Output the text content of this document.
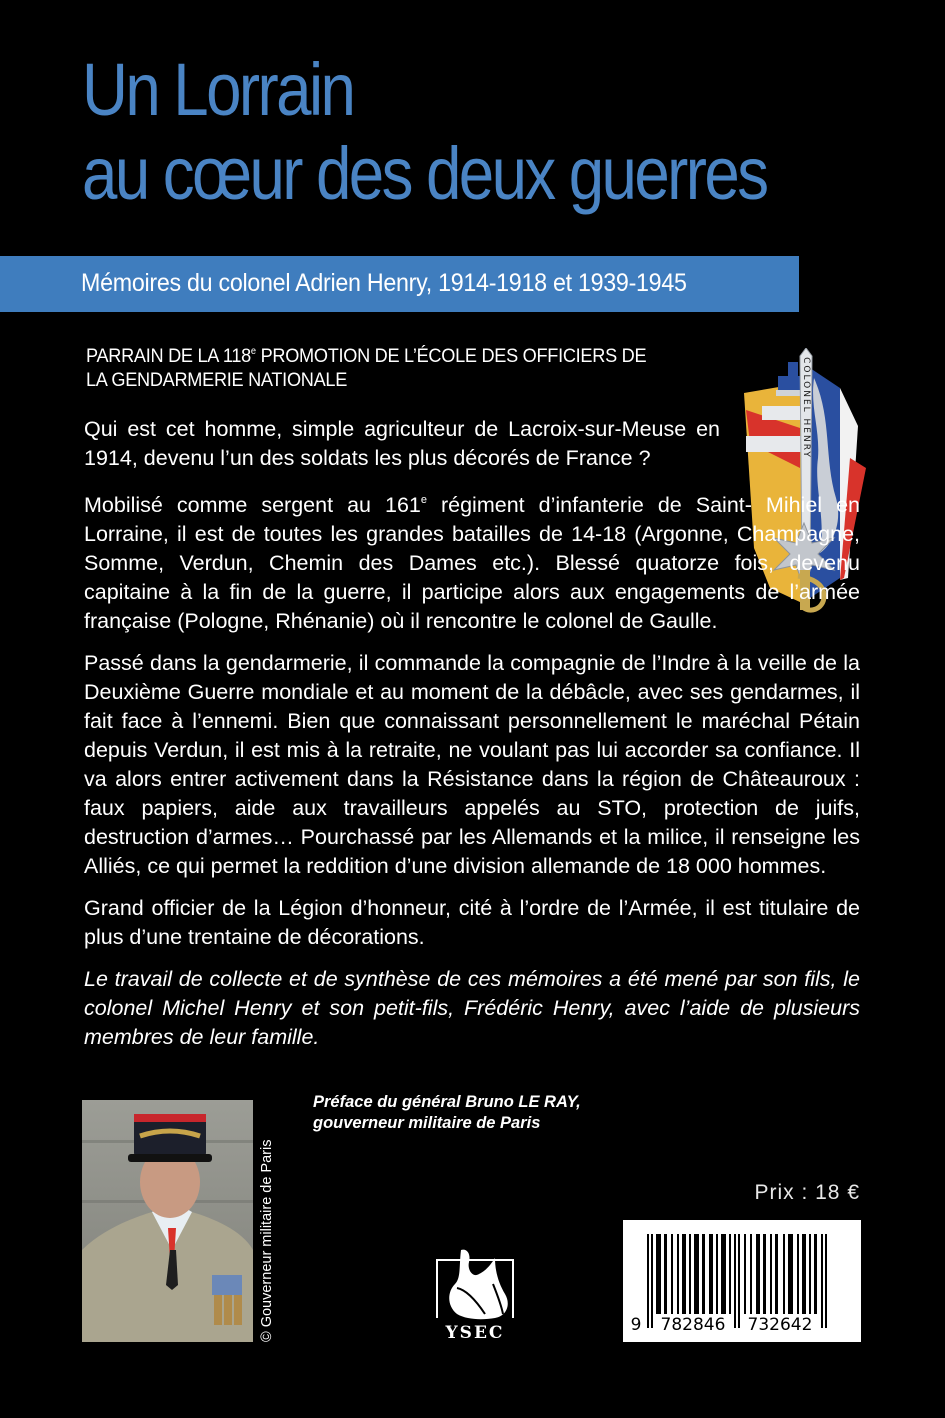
Un Lorrain
au cœur des deux guerres
Mémoires du colonel Adrien Henry, 1914-1918 et 1939-1945
PARRAIN DE LA 118e PROMOTION DE L’ÉCOLE DES OFFICIERS DE
LA GENDARMERIE NATIONALE	COLONEL HENRY

Qui est cet homme, simple agriculteur de Lacroix-sur-Meuse en 1914, devenu l’un des soldats les plus décorés de France ?

Mobilisé comme sergent au 161e régiment d’infanterie de Saint- Mihiel en Lorraine, il est de toutes les grandes batailles de 14-18 (Argonne, Champagne, Somme, Verdun, Chemin des Dames etc.). Blessé quatorze fois, devenu capitaine à la fin de la guerre, il participe alors aux engagements de l’armée française (Pologne, Rhénanie) où il rencontre le colonel de Gaulle.

Passé dans la gendarmerie, il commande la compagnie de l’Indre à la veille de la Deuxième Guerre mondiale et au moment de la débâcle, avec ses gendarmes, il fait face à l’ennemi. Bien que connaissant personnellement le maréchal Pétain depuis Verdun, il est mis à la retraite, ne voulant pas lui accorder sa confiance. Il va alors entrer activement dans la Résistance dans la région de Châteauroux : faux papiers, aide aux travailleurs appelés au STO, protection de juifs, destruction d’armes… Pourchassé par les Allemands et la milice, il renseigne les Alliés, ce qui permet la reddition d’une division allemande de 18 000 hommes.

Grand officier de la Légion d’honneur, cité à l’ordre de l’Armée, il est titulaire de plus d’une trentaine de décorations.

Le travail de collecte et de synthèse de ces mémoires a été mené par son fils, le colonel Michel Henry et son petit-fils, Frédéric Henry, avec l’aide de plusieurs membres de leur famille.

© Gouverneur militaire de Paris
Préface du général Bruno LE RAY,
gouverneur militaire de Paris
YSEC
Prix : 18 €
9 782846 732642
